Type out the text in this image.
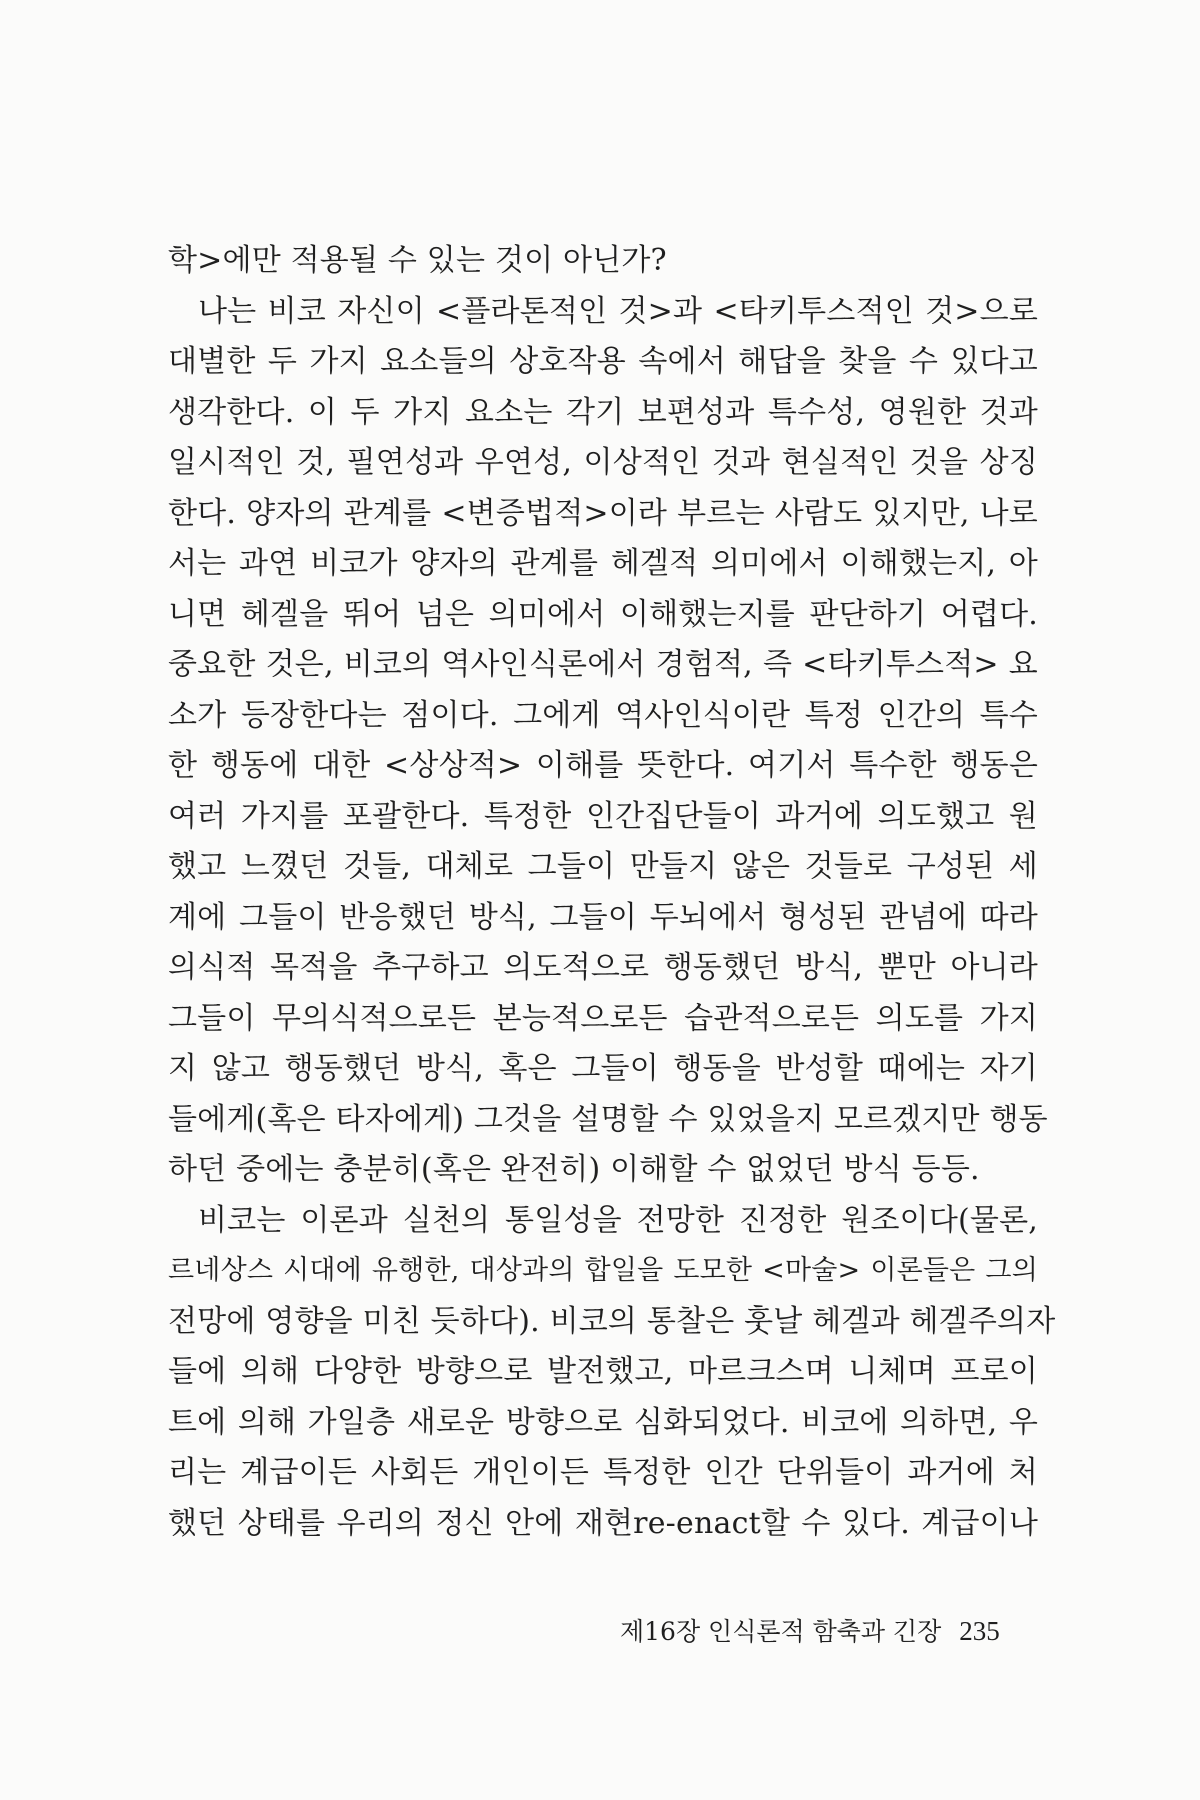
학>에만 적용될 수 있는 것이 아닌가?
나는 비코 자신이 <플라톤적인 것>과 <타키투스적인 것>으로
대별한 두 가지 요소들의 상호작용 속에서 해답을 찾을 수 있다고
생각한다. 이 두 가지 요소는 각기 보편성과 특수성, 영원한 것과
일시적인 것, 필연성과 우연성, 이상적인 것과 현실적인 것을 상징
한다. 양자의 관계를 <변증법적>이라 부르는 사람도 있지만, 나로
서는 과연 비코가 양자의 관계를 헤겔적 의미에서 이해했는지, 아
니면 헤겔을 뛰어 넘은 의미에서 이해했는지를 판단하기 어렵다.
중요한 것은, 비코의 역사인식론에서 경험적, 즉 <타키투스적> 요
소가 등장한다는 점이다. 그에게 역사인식이란 특정 인간의 특수
한 행동에 대한 <상상적> 이해를 뜻한다. 여기서 특수한 행동은
여러 가지를 포괄한다. 특정한 인간집단들이 과거에 의도했고 원
했고 느꼈던 것들, 대체로 그들이 만들지 않은 것들로 구성된 세
계에 그들이 반응했던 방식, 그들이 두뇌에서 형성된 관념에 따라
의식적 목적을 추구하고 의도적으로 행동했던 방식, 뿐만 아니라
그들이 무의식적으로든 본능적으로든 습관적으로든 의도를 가지
지 않고 행동했던 방식, 혹은 그들이 행동을 반성할 때에는 자기
들에게(혹은 타자에게) 그것을 설명할 수 있었을지 모르겠지만 행동
하던 중에는 충분히(혹은 완전히) 이해할 수 없었던 방식 등등.
비코는 이론과 실천의 통일성을 전망한 진정한 원조이다(물론,
르네상스 시대에 유행한, 대상과의 합일을 도모한 <마술> 이론들은 그의
전망에 영향을 미친 듯하다). 비코의 통찰은 훗날 헤겔과 헤겔주의자
들에 의해 다양한 방향으로 발전했고, 마르크스며 니체며 프로이
트에 의해 가일층 새로운 방향으로 심화되었다. 비코에 의하면, 우
리는 계급이든 사회든 개인이든 특정한 인간 단위들이 과거에 처
했던 상태를 우리의 정신 안에 재현re-enact할 수 있다. 계급이나
제16장 인식론적 함축과 긴장 235
